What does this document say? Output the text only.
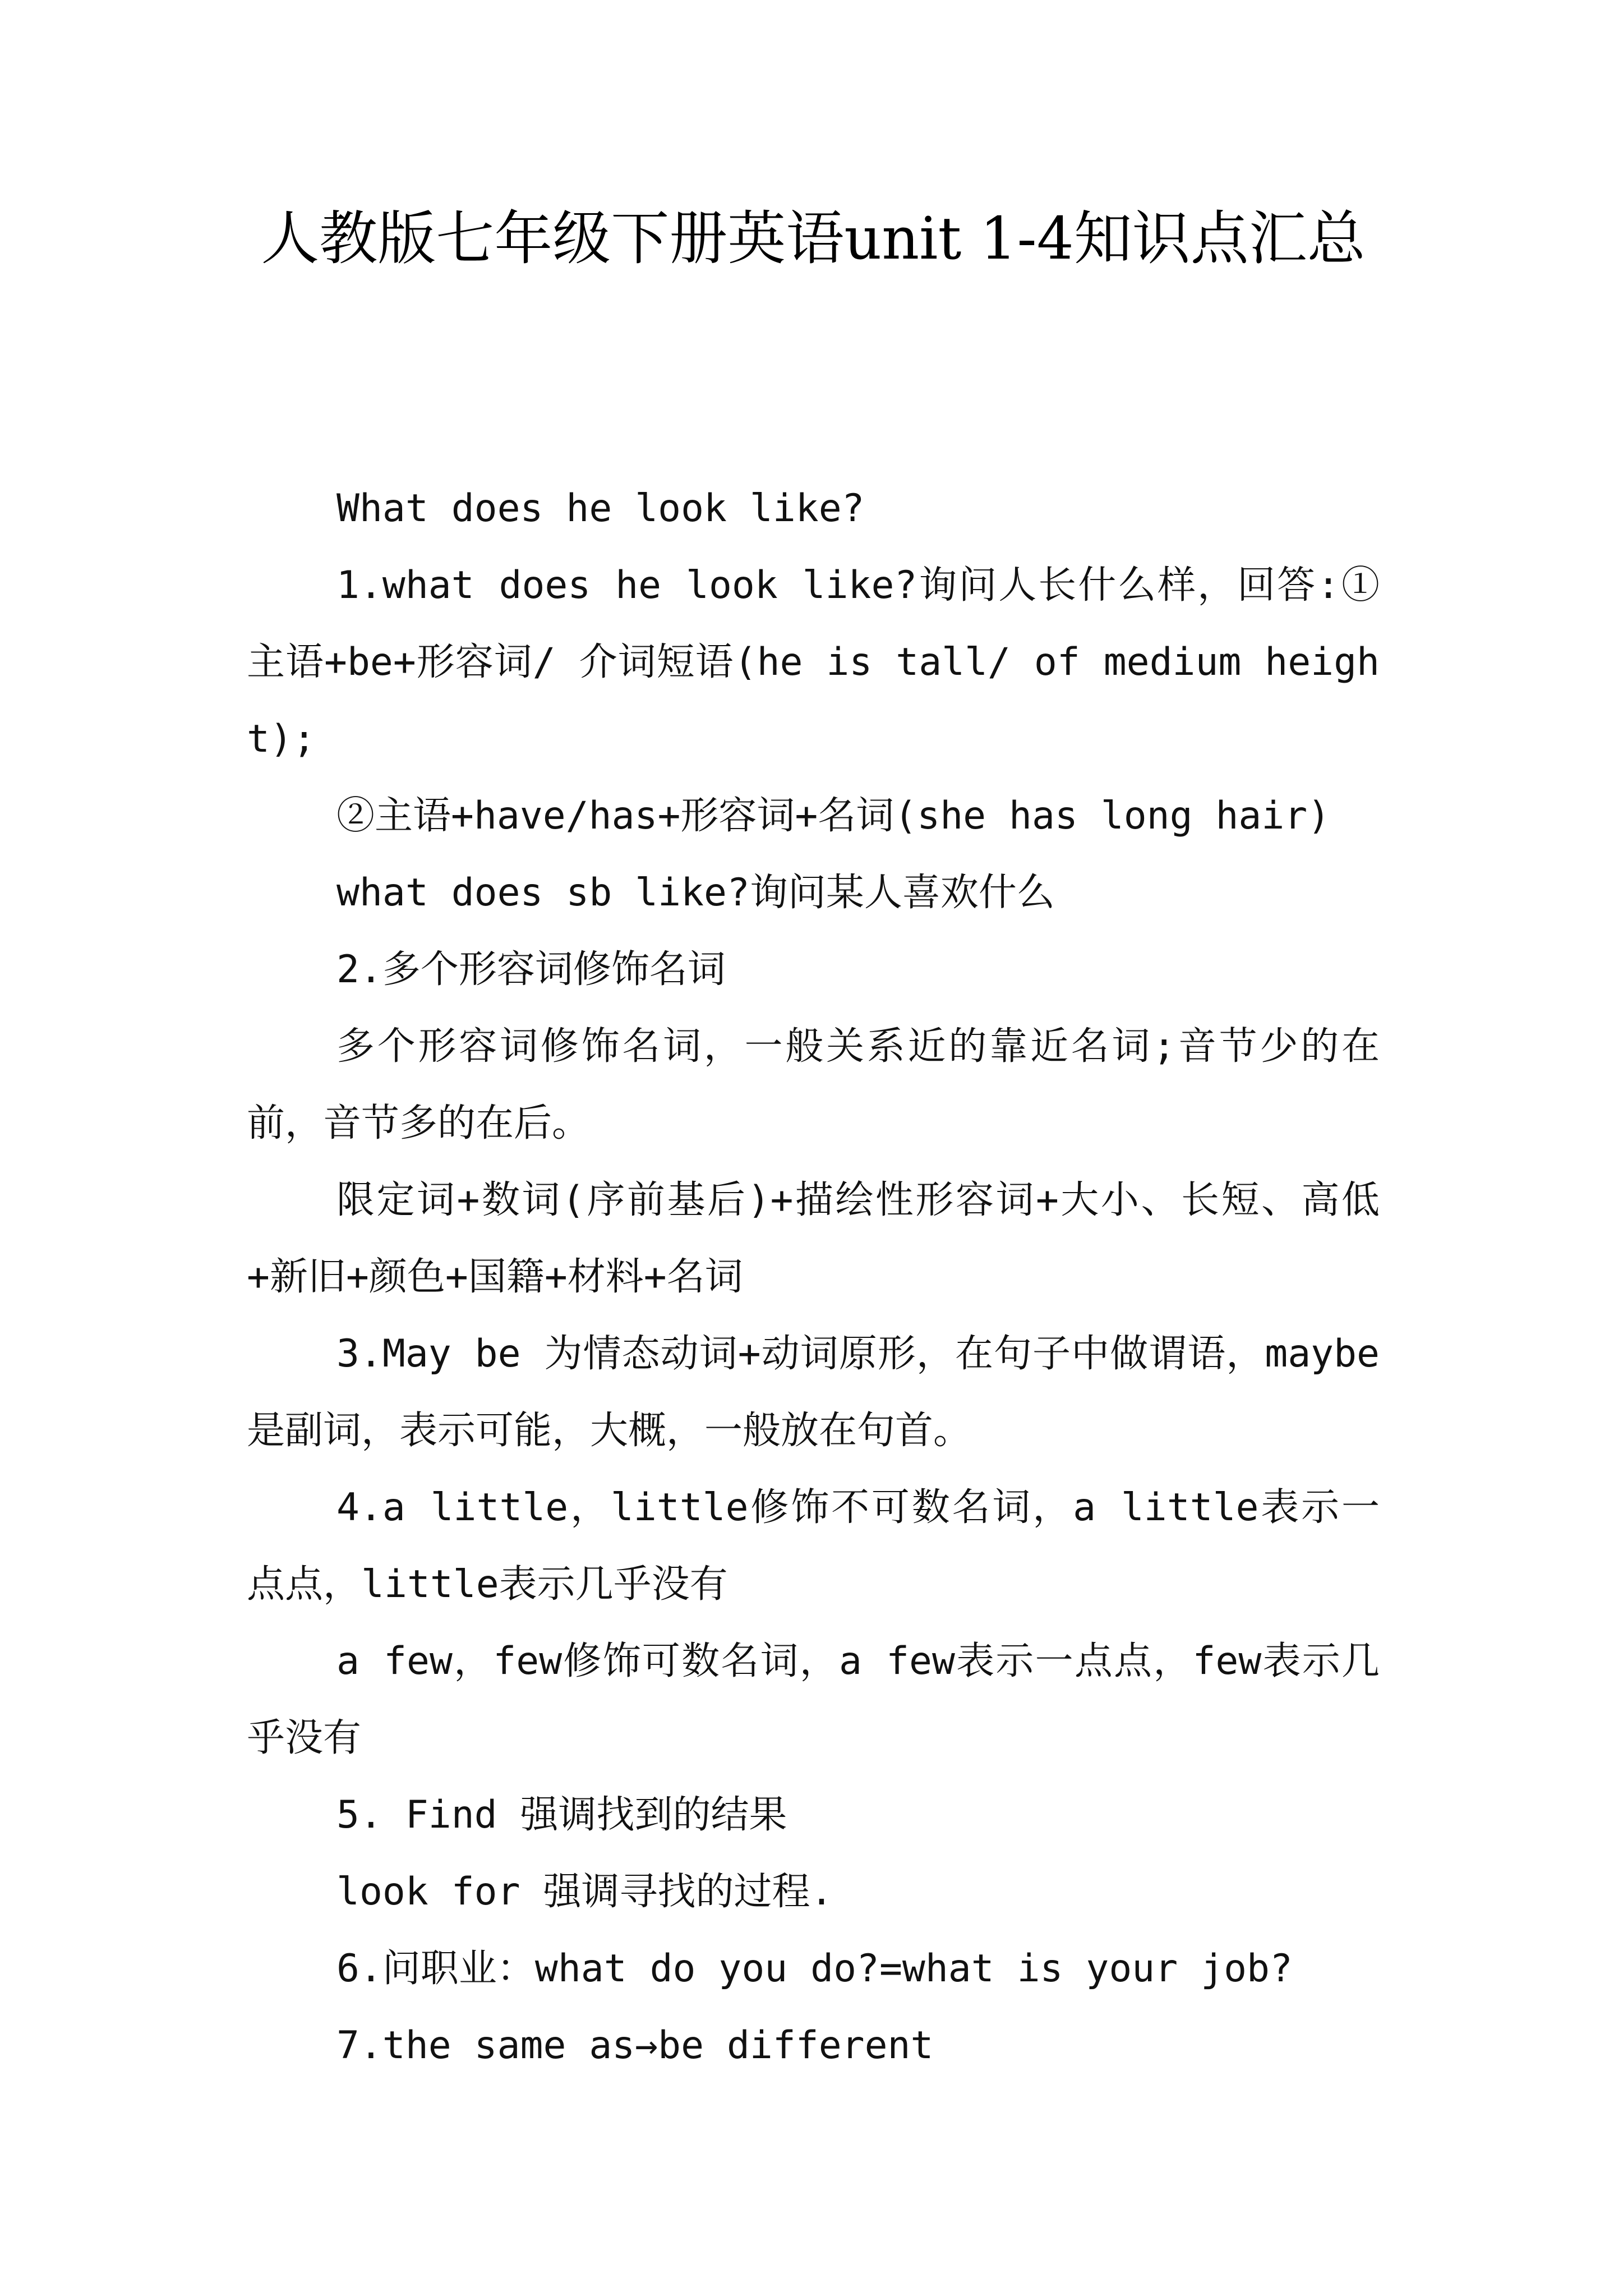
人教版七年级下册英语unit 1-4知识点汇总

What does he look like?

1.what does he look like?询问人长什么样，回答:①主语+be+形容词/ 介词短语(he is tall/ of medium height);

②主语+have/has+形容词+名词(she has long hair)

what does sb like?询问某人喜欢什么

2.多个形容词修饰名词

多个形容词修饰名词，一般关系近的靠近名词;音节少的在前，音节多的在后。

限定词+数词(序前基后)+描绘性形容词+大小、长短、高低+新旧+颜色+国籍+材料+名词

3.May be 为情态动词+动词原形，在句子中做谓语，maybe是副词，表示可能，大概，一般放在句首。

4.a little，little修饰不可数名词，a little表示一点点，little表示几乎没有

a few，few修饰可数名词，a few表示一点点，few表示几乎没有

5. Find 强调找到的结果

look for 强调寻找的过程.

6.问职业：what do you do?=what is your job?

7.the same as→be different
